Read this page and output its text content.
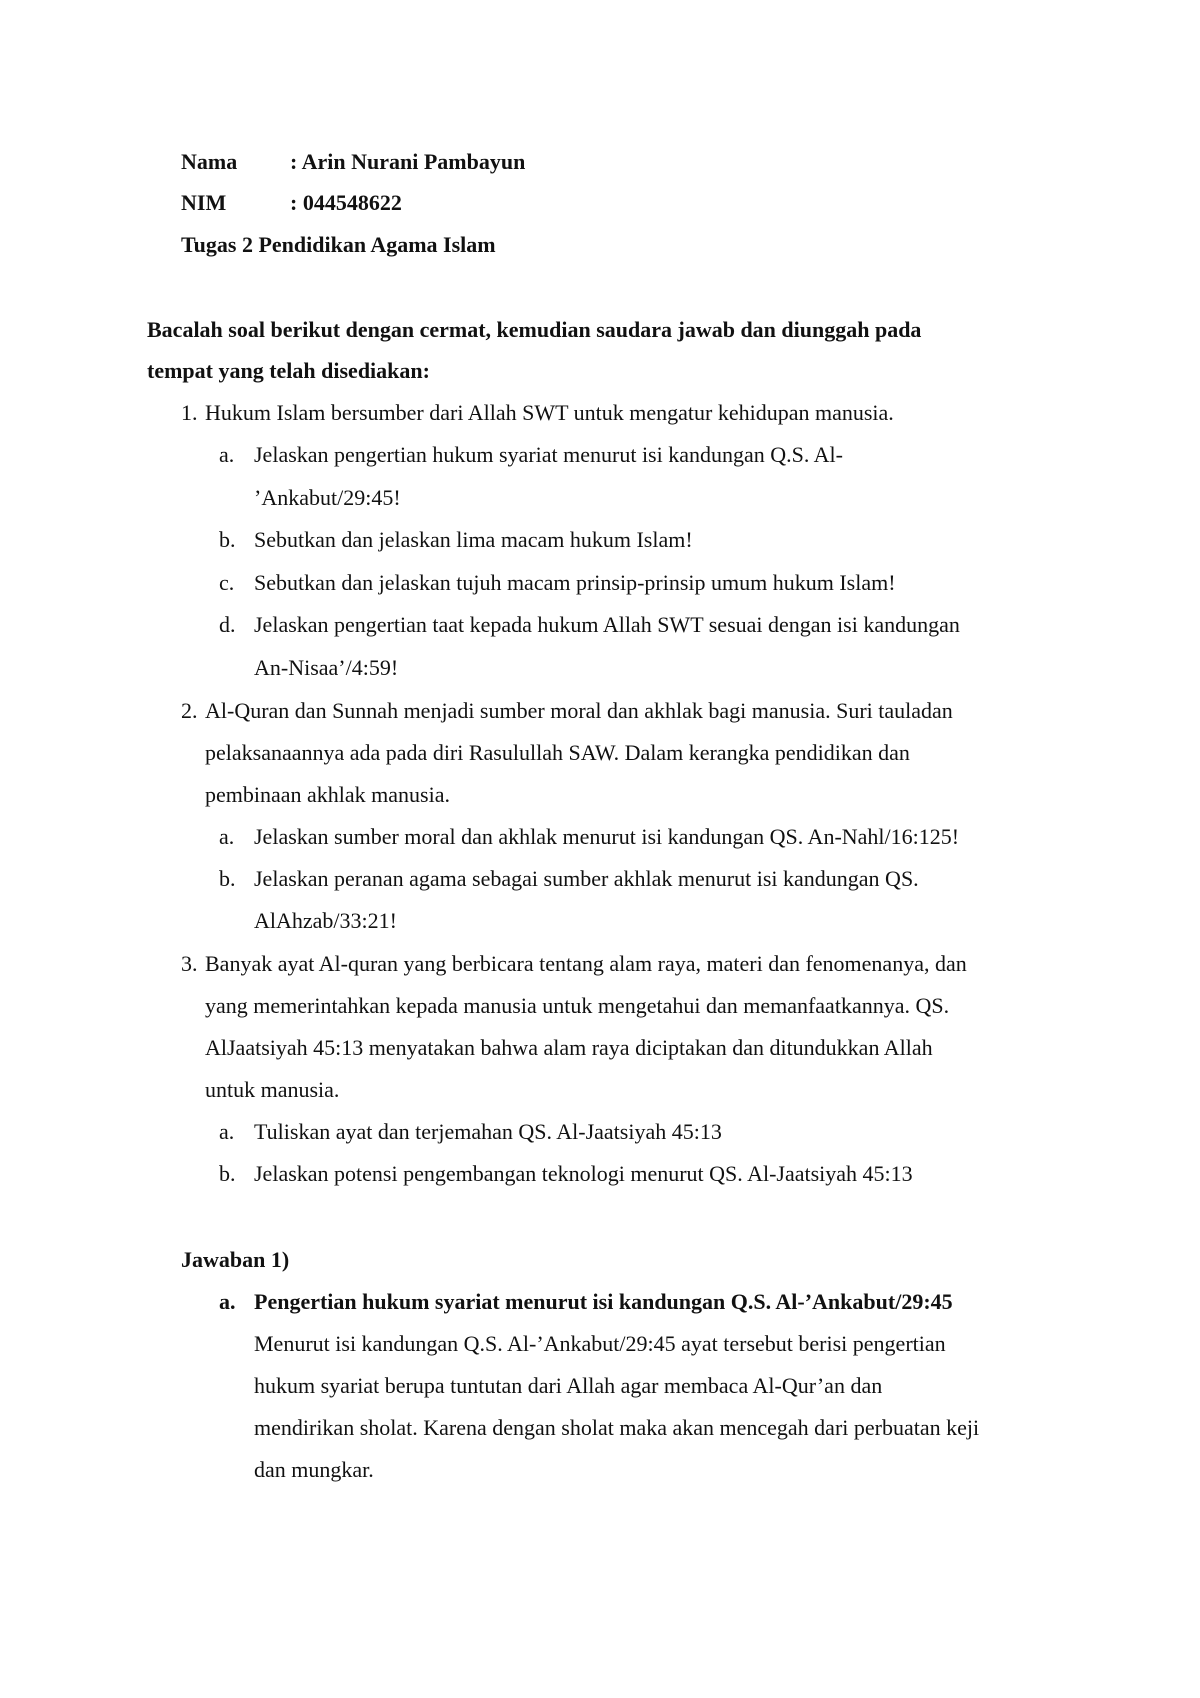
Nama : Arin Nurani Pambayun
NIM	: 044548622
Tugas 2 Pendidikan Agama Islam
Bacalah soal berikut dengan cermat, kemudian saudara jawab dan diunggah pada
tempat yang telah disediakan:
1. Hukum Islam bersumber dari Allah SWT untuk mengatur kehidupan manusia.
a. Jelaskan pengertian hukum syariat menurut isi kandungan Q.S. Al-
’Ankabut/29:45!
b. Sebutkan dan jelaskan lima macam hukum Islam!
c. Sebutkan dan jelaskan tujuh macam prinsip-prinsip umum hukum Islam!
d. Jelaskan pengertian taat kepada hukum Allah SWT sesuai dengan isi kandungan
An-Nisaa’/4:59!
2. Al-Quran dan Sunnah menjadi sumber moral dan akhlak bagi manusia. Suri tauladan
pelaksanaannya ada pada diri Rasulullah SAW. Dalam kerangka pendidikan dan
pembinaan akhlak manusia.
a. Jelaskan sumber moral dan akhlak menurut isi kandungan QS. An-Nahl/16:125!
b. Jelaskan peranan agama sebagai sumber akhlak menurut isi kandungan QS.
AlAhzab/33:21!
3. Banyak ayat Al-quran yang berbicara tentang alam raya, materi dan fenomenanya, dan
yang memerintahkan kepada manusia untuk mengetahui dan memanfaatkannya. QS.
AlJaatsiyah 45:13 menyatakan bahwa alam raya diciptakan dan ditundukkan Allah
untuk manusia.
a. Tuliskan ayat dan terjemahan QS. Al-Jaatsiyah 45:13
b. Jelaskan potensi pengembangan teknologi menurut QS. Al-Jaatsiyah 45:13
Jawaban 1)
a. Pengertian hukum syariat menurut isi kandungan Q.S. Al-’Ankabut/29:45
Menurut isi kandungan Q.S. Al-’Ankabut/29:45 ayat tersebut berisi pengertian
hukum syariat berupa tuntutan dari Allah agar membaca Al-Qur’an dan
mendirikan sholat. Karena dengan sholat maka akan mencegah dari perbuatan keji
dan mungkar.
